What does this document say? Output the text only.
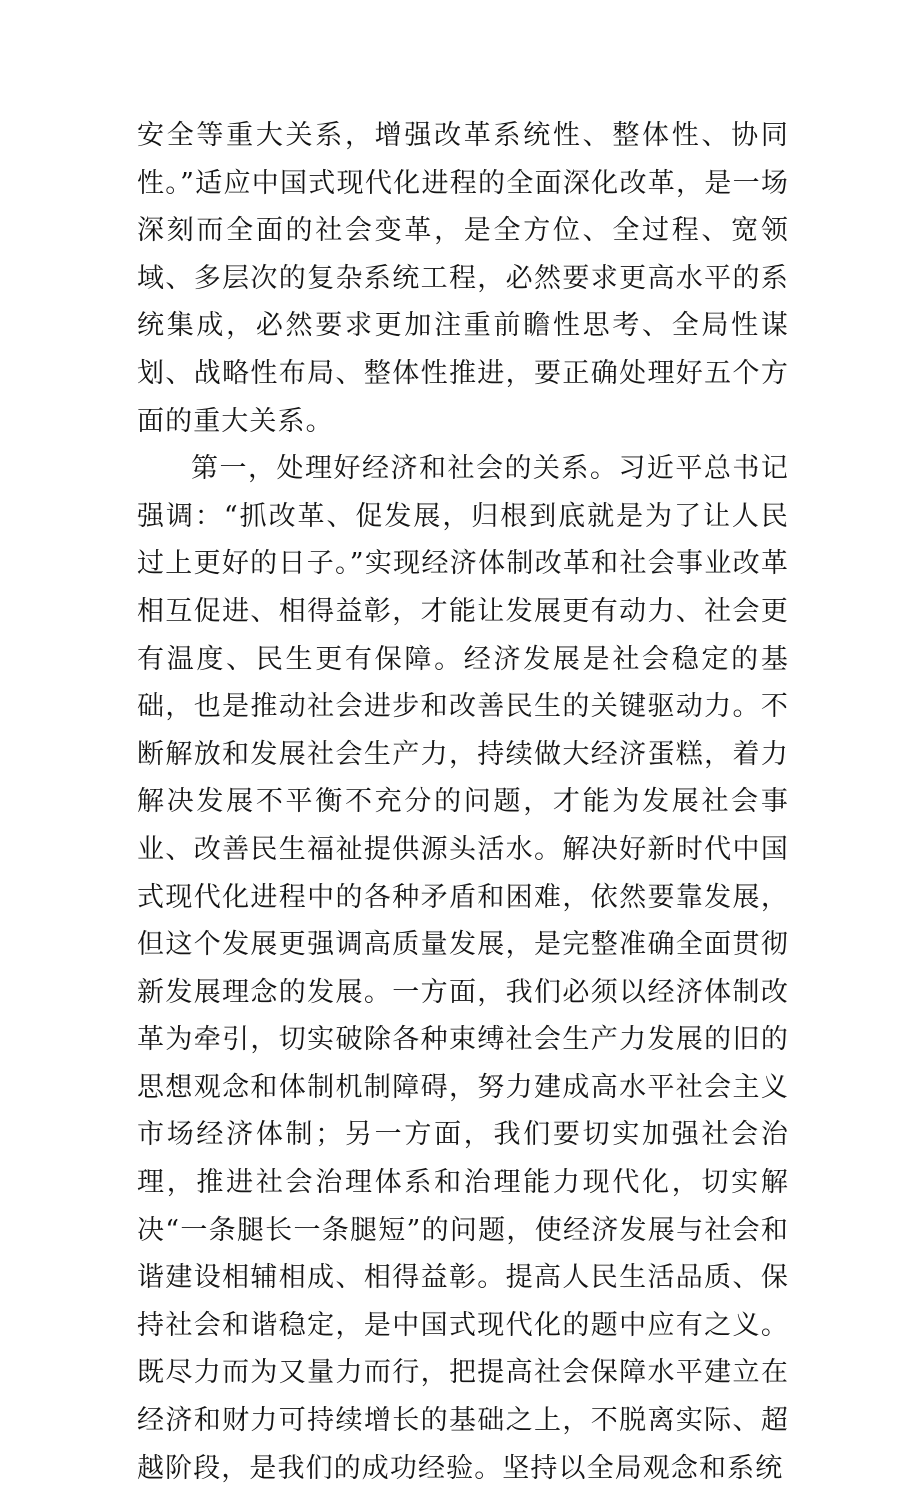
安全等重大关系，增强改革系统性、整体性、协同性。”适应中国式现代化进程的全面深化改革，是一场深刻而全面的社会变革，是全方位、全过程、宽领域、多层次的复杂系统工程，必然要求更高水平的系统集成，必然要求更加注重前瞻性思考、全局性谋划、战略性布局、整体性推进，要正确处理好五个方面的重大关系。

第一，处理好经济和社会的关系。习近平总书记强调：“抓改革、促发展，归根到底就是为了让人民过上更好的日子。”实现经济体制改革和社会事业改革相互促进、相得益彰，才能让发展更有动力、社会更有温度、民生更有保障。经济发展是社会稳定的基础，也是推动社会进步和改善民生的关键驱动力。不断解放和发展社会生产力，持续做大经济蛋糕，着力解决发展不平衡不充分的问题，才能为发展社会事业、改善民生福祉提供源头活水。解决好新时代中国式现代化进程中的各种矛盾和困难，依然要靠发展，但这个发展更强调高质量发展，是完整准确全面贯彻新发展理念的发展。一方面，我们必须以经济体制改革为牵引，切实破除各种束缚社会生产力发展的旧的思想观念和体制机制障碍，努力建成高水平社会主义市场经济体制；另一方面，我们要切实加强社会治理，推进社会治理体系和治理能力现代化，切实解决“一条腿长一条腿短”的问题，使经济发展与社会和谐建设相辅相成、相得益彰。提高人民生活品质、保持社会和谐稳定，是中国式现代化的题中应有之义。既尽力而为又量力而行，把提高社会保障水平建立在经济和财力可持续增长的基础之上，不脱离实际、超越阶段，是我们的成功经验。坚持以全局观念和系统
